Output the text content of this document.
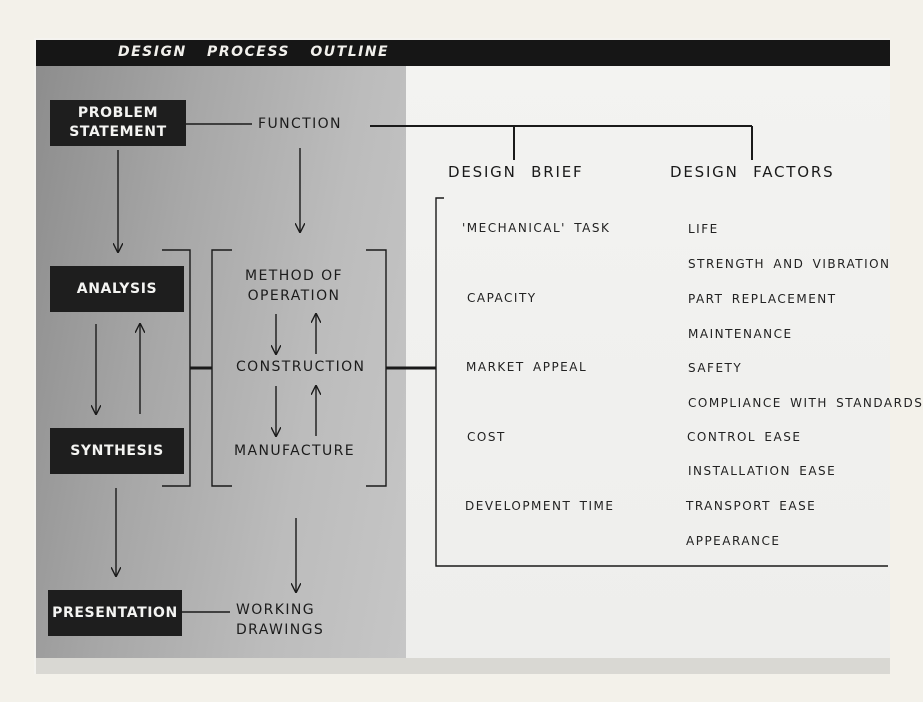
DESIGN PROCESS OUTLINE
PROBLEM
STATEMENT
ANALYSIS
SYNTHESIS
PRESENTATION
FUNCTION
METHOD OF
OPERATION
CONSTRUCTION
MANUFACTURE
WORKING
DRAWINGS
DESIGN BRIEF	DESIGN FACTORS
'MECHANICAL' TASK
CAPACITY
MARKET APPEAL
COST
DEVELOPMENT TIME
LIFE
STRENGTH AND VIBRATION
PART REPLACEMENT
MAINTENANCE
SAFETY
COMPLIANCE WITH STANDARDS
CONTROL EASE
INSTALLATION EASE
TRANSPORT EASE
APPEARANCE
